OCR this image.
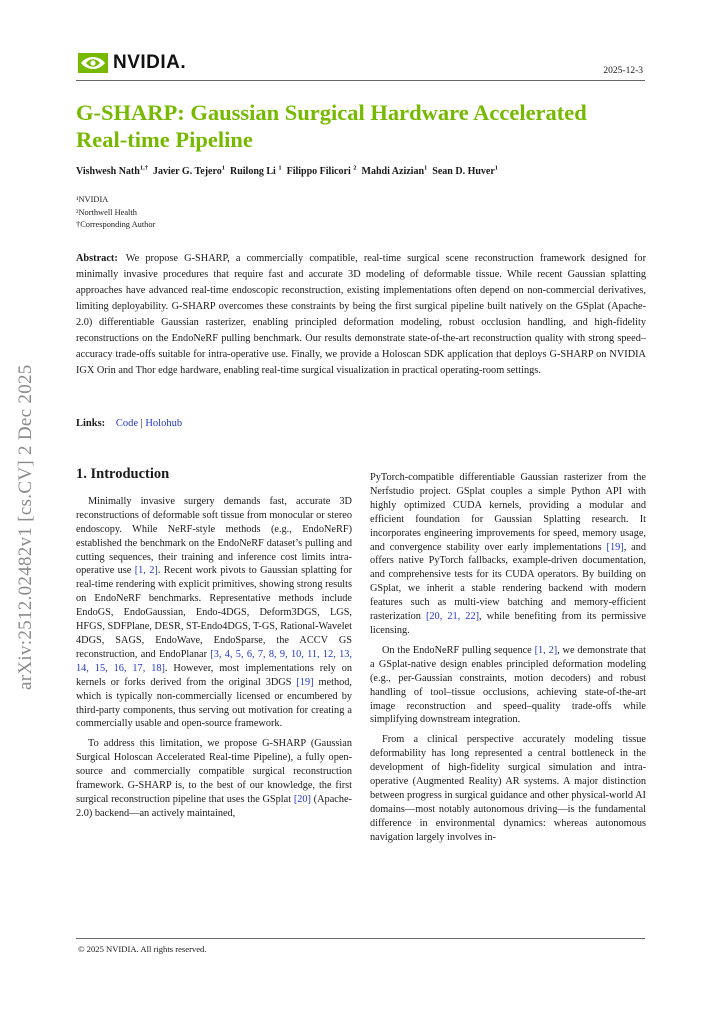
NVIDIA.	2025-12-3
G-SHARP: Gaussian Surgical Hardware Accelerated Real-time Pipeline
Vishwesh Nath$^{1,\dagger}$ Javier G. Tejero$^1$ Ruilong Li $^1$ Filippo Filicori $^2$ Mahdi Azizian$^1$ Sean D. Huver$^1$
¹NVIDIA
²Northwell Health
†Corresponding Author

Abstract: We propose G-SHARP, a commercially compatible, real-time surgical scene reconstruction framework designed for minimally invasive procedures that require fast and accurate 3D modeling of deformable tissue. While recent Gaussian splatting approaches have advanced real-time endoscopic reconstruction, existing implementations often depend on non-commercial derivatives, limiting deployability. G-SHARP overcomes these constraints by being the first surgical pipeline built natively on the GSplat (Apache-2.0) differentiable Gaussian rasterizer, enabling principled deformation modeling, robust occlusion handling, and high-fidelity reconstructions on the EndoNeRF pulling benchmark. Our results demonstrate state-of-the-art reconstruction quality with strong speed–accuracy trade-offs suitable for intra-operative use. Finally, we provide a Holoscan SDK application that deploys G-SHARP on NVIDIA IGX Orin and Thor edge hardware, enabling real-time surgical visualization in practical operating-room settings.

Links: Code | Holohub
arXiv:2512.02482v1 [cs.CV] 2 Dec 2025	1. Introduction

Minimally invasive surgery demands fast, accurate 3D reconstructions of deformable soft tissue from monocular or stereo endoscopy. While NeRF-style methods (e.g., EndoNeRF) established the benchmark on the EndoNeRF dataset’s pulling and cutting sequences, their training and inference cost limits intra-operative use [1, 2]. Recent work pivots to Gaussian splatting for real-time rendering with explicit primitives, showing strong results on EndoNeRF benchmarks. Representative methods include EndoGS, EndoGaussian, Endo-4DGS, Deform3DGS, LGS, HFGS, SDFPlane, DESR, ST-Endo4DGS, T-GS, Rational-Wavelet 4DGS, SAGS, EndoWave, EndoSparse, the ACCV GS reconstruction, and EndoPlanar [3, 4, 5, 6, 7, 8, 9, 10, 11, 12, 13, 14, 15, 16, 17, 18]. However, most implementations rely on kernels or forks derived from the original 3DGS [19] method, which is typically non-commercially licensed or encumbered by third-party components, thus serving out motivation for creating a commercially usable and open-source framework.

To address this limitation, we propose G-SHARP (Gaussian Surgical Holoscan Accelerated Real-time Pipeline), a fully open-source and commercially compatible surgical reconstruction framework. G-SHARP is, to the best of our knowledge, the first surgical reconstruction pipeline that uses the GSplat [20] (Apache-2.0) backend—an actively maintained,

PyTorch-compatible differentiable Gaussian rasterizer from the Nerfstudio project. GSplat couples a simple Python API with highly optimized CUDA kernels, providing a modular and efficient foundation for Gaussian Splatting research. It incorporates engineering improvements for speed, memory usage, and convergence stability over early implementations [19], and offers native PyTorch fallbacks, example-driven documentation, and comprehensive tests for its CUDA operators. By building on GSplat, we inherit a stable rendering backend with modern features such as multi-view batching and memory-efficient rasterization [20, 21, 22], while benefiting from its permissive licensing.

On the EndoNeRF pulling sequence [1, 2], we demonstrate that a GSplat-native design enables principled deformation modeling (e.g., per-Gaussian constraints, motion decoders) and robust handling of tool–tissue occlusions, achieving state-of-the-art image reconstruction and speed–quality trade-offs while simplifying downstream integration.

From a clinical perspective accurately modeling tissue deformability has long represented a central bottleneck in the development of high-fidelity surgical simulation and intra-operative (Augmented Reality) AR systems. A major distinction between progress in surgical guidance and other physical-world AI domains—most notably autonomous driving—is the fundamental difference in environmental dynamics: whereas autonomous navigation largely involves in-

© 2025 NVIDIA. All rights reserved.
